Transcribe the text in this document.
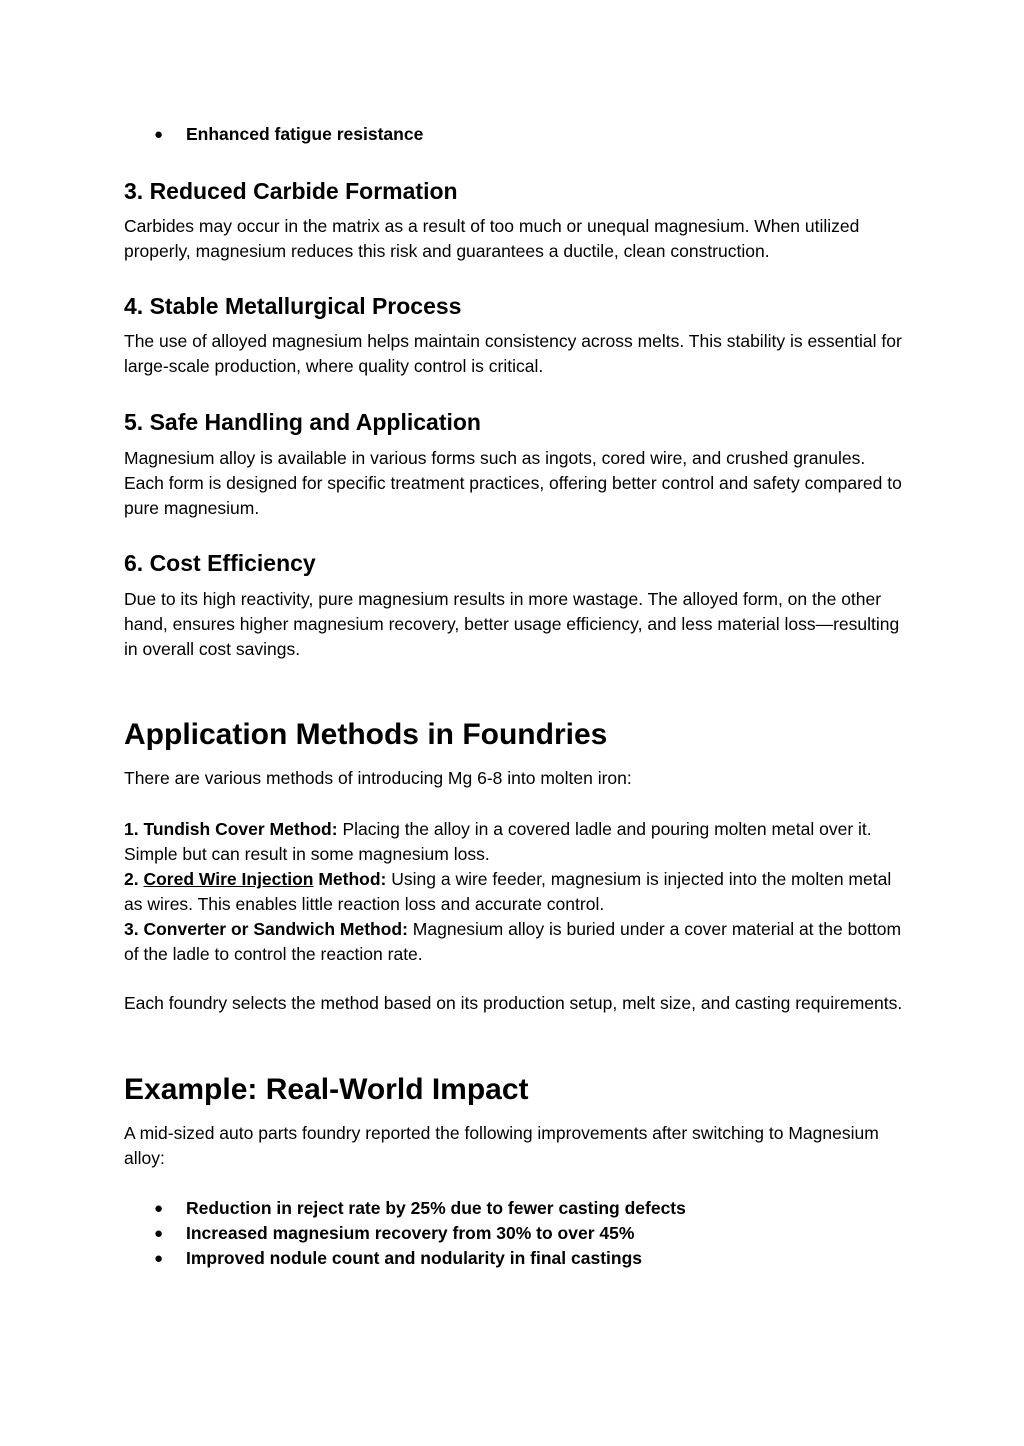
● Enhanced fatigue resistance
3. Reduced Carbide Formation

Carbides may occur in the matrix as a result of too much or unequal magnesium. When utilized properly, magnesium reduces this risk and guarantees a ductile, clean construction.

4. Stable Metallurgical Process

The use of alloyed magnesium helps maintain consistency across melts. This stability is essential for large-scale production, where quality control is critical.

5. Safe Handling and Application

Magnesium alloy is available in various forms such as ingots, cored wire, and crushed granules. Each form is designed for specific treatment practices, offering better control and safety compared to pure magnesium.

6. Cost Efficiency

Due to its high reactivity, pure magnesium results in more wastage. The alloyed form, on the other hand, ensures higher magnesium recovery, better usage efficiency, and less material loss—resulting in overall cost savings.

Application Methods in Foundries

There are various methods of introducing Mg 6-8 into molten iron:

1. Tundish Cover Method: Placing the alloy in a covered ladle and pouring molten metal over it. Simple but can result in some magnesium loss.

2. Cored Wire Injection Method: Using a wire feeder, magnesium is injected into the molten metal as wires. This enables little reaction loss and accurate control.

3. Converter or Sandwich Method: Magnesium alloy is buried under a cover material at the bottom of the ladle to control the reaction rate.

Each foundry selects the method based on its production setup, melt size, and casting requirements.

Example: Real-World Impact

A mid-sized auto parts foundry reported the following improvements after switching to Magnesium alloy:

● Reduction in reject rate by 25% due to fewer casting defects
● Increased magnesium recovery from 30% to over 45%
● Improved nodule count and nodularity in final castings
